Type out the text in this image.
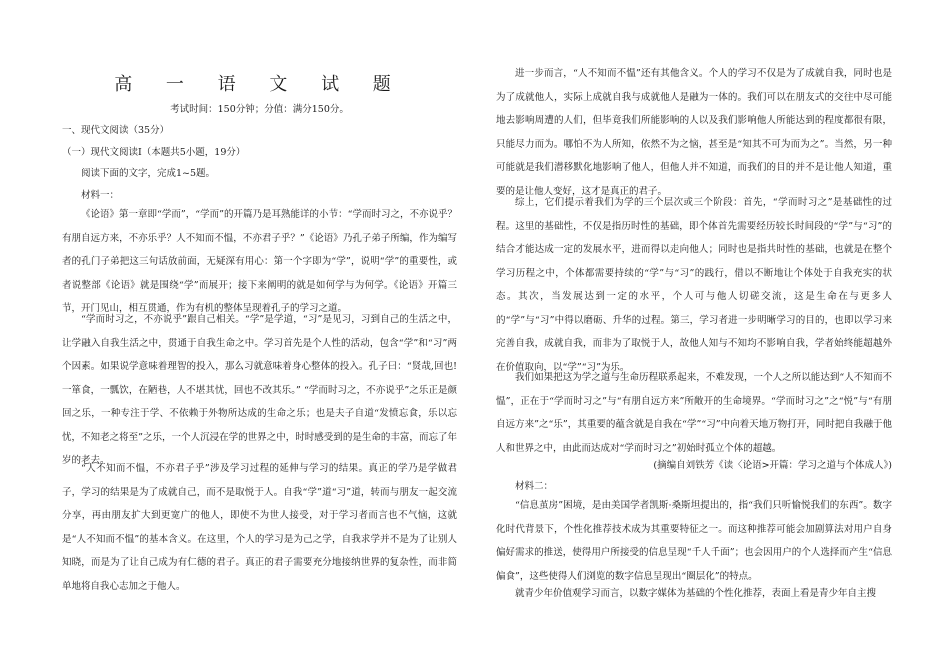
高 一 语 文 试 题
考试时间：150分钟；分值：满分150分。
一、现代文阅读（35分）
（一）现代文阅读Ⅰ（本题共5小题，19分）
阅读下面的文字，完成1~5题。
材料一：
《论语》第一章即“学而”，“学而”的开篇乃是耳熟能详的小节：“学而时习之，不亦说乎？有朋自远方来，不亦乐乎？人不知而不愠，不亦君子乎？”《论语》乃孔子弟子所编，作为编写者的孔门子弟把这三句话放前面，无疑深有用心：第一个字即为“学”，说明“学”的重要性，或者说整部《论语》就是围绕“学”而展开；接下来阐明的就是如何学与为何学。《论语》开篇三节，开门见山，相互贯通，作为有机的整体呈现着孔子的学习之道。
“学而时习之，不亦说乎”跟自己相关。“学”是学道，“习”是见习，习到自己的生活之中，让学融入自我生活之中，贯通于自我生命之中。学习首先是个人性的活动，包含“学”和“习”两个因素。如果说学意味着理智的投入，那么习就意味着身心整体的投入。孔子曰：“贤哉,回也!一箪食，一瓢饮，在陋巷，人不堪其忧，回也不改其乐。” “学而时习之，不亦说乎”之乐正是颜回之乐，一种专注于学、不依赖于外物所达成的生命之乐；也是夫子自道“发愤忘食，乐以忘忧，不知老之将至”之乐，一个人沉浸在学的世界之中，时时感受到的是生命的丰富，而忘了年岁的老去。
“人不知而不愠，不亦君子乎”涉及学习过程的延伸与学习的结果。真正的学乃是学做君子，学习的结果是为了成就自己，而不是取悦于人。自我“学”道“习”道，转而与朋友一起交流分享，再由朋友扩大到更宽广的他人，即使不为世人接受，对于学习者而言也不气恼，这就是“人不知而不愠”的基本含义。在这里，个人的学习是为己之学，自我求学并不是为了让别人知晓，而是为了让自己成为有仁德的君子。真正的君子需要充分地接纳世界的复杂性，而非简单地将自我心志加之于他人。
进一步而言，“人不知而不愠”还有其他含义。个人的学习不仅是为了成就自我，同时也是为了成就他人，实际上成就自我与成就他人是融为一体的。我们可以在朋友式的交往中尽可能地去影响周遭的人们，但毕竟我们所能影响的人以及我们影响他人所能达到的程度都很有限，只能尽力而为。哪怕不为人所知，依然不为之恼，甚至是“知其不可为而为之”。当然，另一种可能就是我们潜移默化地影响了他人，但他人并不知道，而我们的目的并不是让他人知道，重要的是让他人变好，这才是真正的君子。
综上，它们提示着我们为学的三个层次或三个阶段：首先，“学而时习之”是基础性的过程。这里的基础性，不仅是指历时性的基础，即个体首先需要经历较长时间段的“学”与“习”的结合才能达成一定的发展水平，进而得以走向他人；同时也是指共时性的基础，也就是在整个学习历程之中，个体都需要持续的“学”与“习”的践行，借以不断地让个体处于自我充实的状态。其次，当发展达到一定的水平，个人可与他人切磋交流，这是生命在与更多人的“学”与“习”中得以磨砺、升华的过程。第三，学习者进一步明晰学习的目的，也即以学习来完善自我，成就自我，而非为了取悦于人，故他人知与不知均不影响自我，学者始终能超越外在价值取向，以“学”“习”为乐。
我们如果把这为学之道与生命历程联系起来，不难发现，一个人之所以能达到“人不知而不愠”，正在于“学而时习之”与“有朋自远方来”所敞开的生命境界。“学而时习之”之“悦”与“有朋自远方来”之“乐”，其重要的蕴含就是自我在“学”“习”中向着天地万物打开，同时把自我融于他人和世界之中，由此而达成对“学而时习之”初始时孤立个体的超越。
(摘编自刘铁芳《读〈论语>开篇：学习之道与个体成人》)
材料二：
“信息茧房”困境，是由美国学者凯斯·桑斯坦提出的，指“我们只听愉悦我们的东西”。数字化时代背景下，个性化推荐技术成为其重要特征之一。而这种推荐可能会加剧算法对用户自身偏好需求的推送，使得用户所接受的信息呈现“千人千面”；也会因用户的个人选择而产生“信息偏食”，这些使得人们浏览的数字信息呈现出“圈层化”的特点。
就青少年价值观学习而言，以数字媒体为基础的个性化推荐，表面上看是青少年自主搜
